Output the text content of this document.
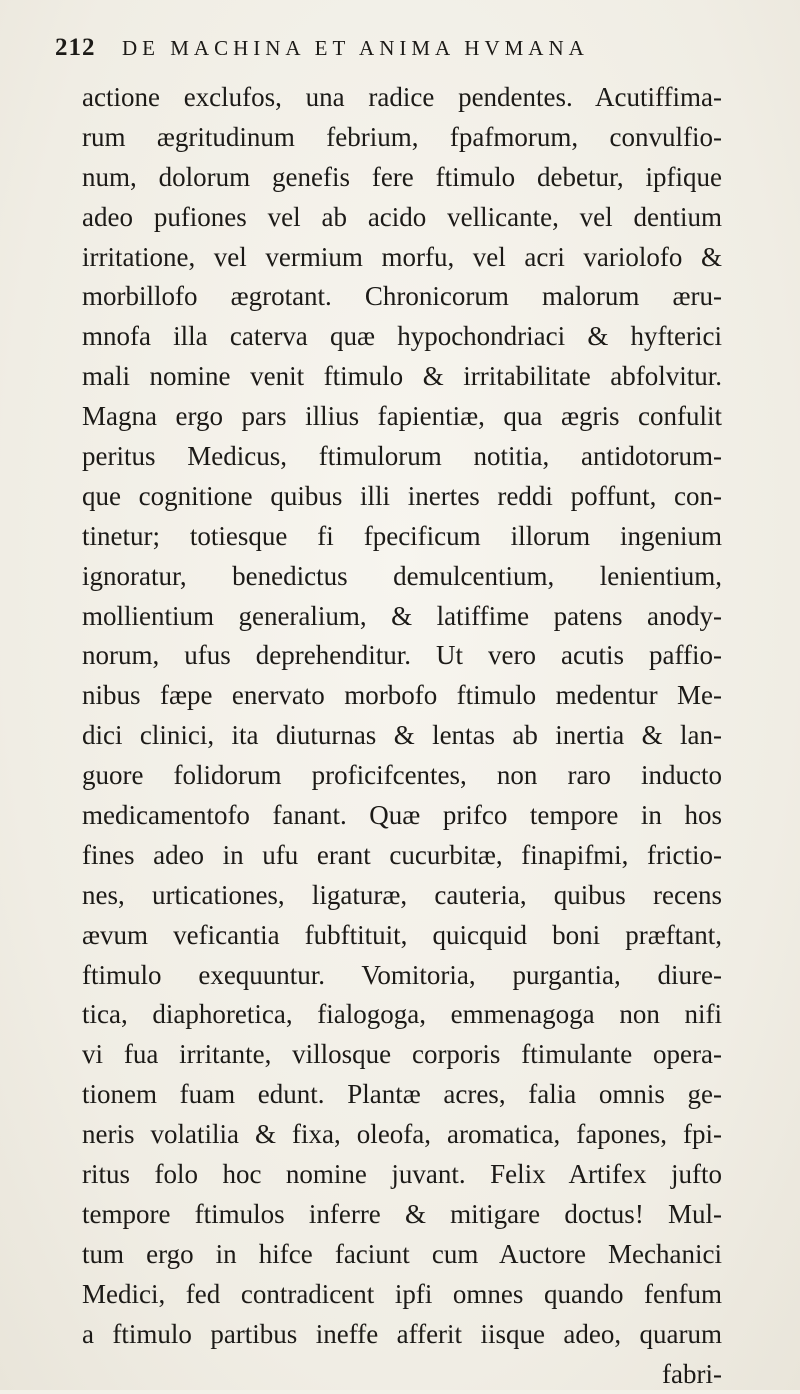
212	DE MACHINA ET ANIMA HVMANA
actione exclufos, una radice pendentes. Acutiffima-
rum ægritudinum febrium, fpafmorum, convulfio-
num, dolorum genefis fere ftimulo debetur, ipfique
adeo pufiones vel ab acido vellicante, vel dentium
irritatione, vel vermium morfu, vel acri variolofo &
morbillofo ægrotant. Chronicorum malorum æru-
mnofa illa caterva quæ hypochondriaci & hyfterici
mali nomine venit ftimulo & irritabilitate abfolvitur.
Magna ergo pars illius fapientiæ, qua ægris confulit
peritus Medicus, ftimulorum notitia, antidotorum-
que cognitione quibus illi inertes reddi poffunt, con-
tinetur; totiesque fi fpecificum illorum ingenium
ignoratur, benedictus demulcentium, lenientium,
mollientium generalium, & latiffime patens anody-
norum, ufus deprehenditur. Ut vero acutis paffio-
nibus fæpe enervato morbofo ftimulo medentur Me-
dici clinici, ita diuturnas & lentas ab inertia & lan-
guore folidorum proficifcentes, non raro inducto
medicamentofo fanant. Quæ prifco tempore in hos
fines adeo in ufu erant cucurbitæ, finapifmi, frictio-
nes, urticationes, ligaturæ, cauteria, quibus recens
ævum veficantia fubftituit, quicquid boni præftant,
ftimulo exequuntur. Vomitoria, purgantia, diure-
tica, diaphoretica, fialogoga, emmenagoga non nifi
vi fua irritante, villosque corporis ftimulante opera-
tionem fuam edunt. Plantæ acres, falia omnis ge-
neris volatilia & fixa, oleofa, aromatica, fapones, fpi-
ritus folo hoc nomine juvant. Felix Artifex jufto
tempore ftimulos inferre & mitigare doctus! Mul-
tum ergo in hifce faciunt cum Auctore Mechanici
Medici, fed contradicent ipfi omnes quando fenfum
a ftimulo partibus ineffe afferit iisque adeo, quarum
fabri-
